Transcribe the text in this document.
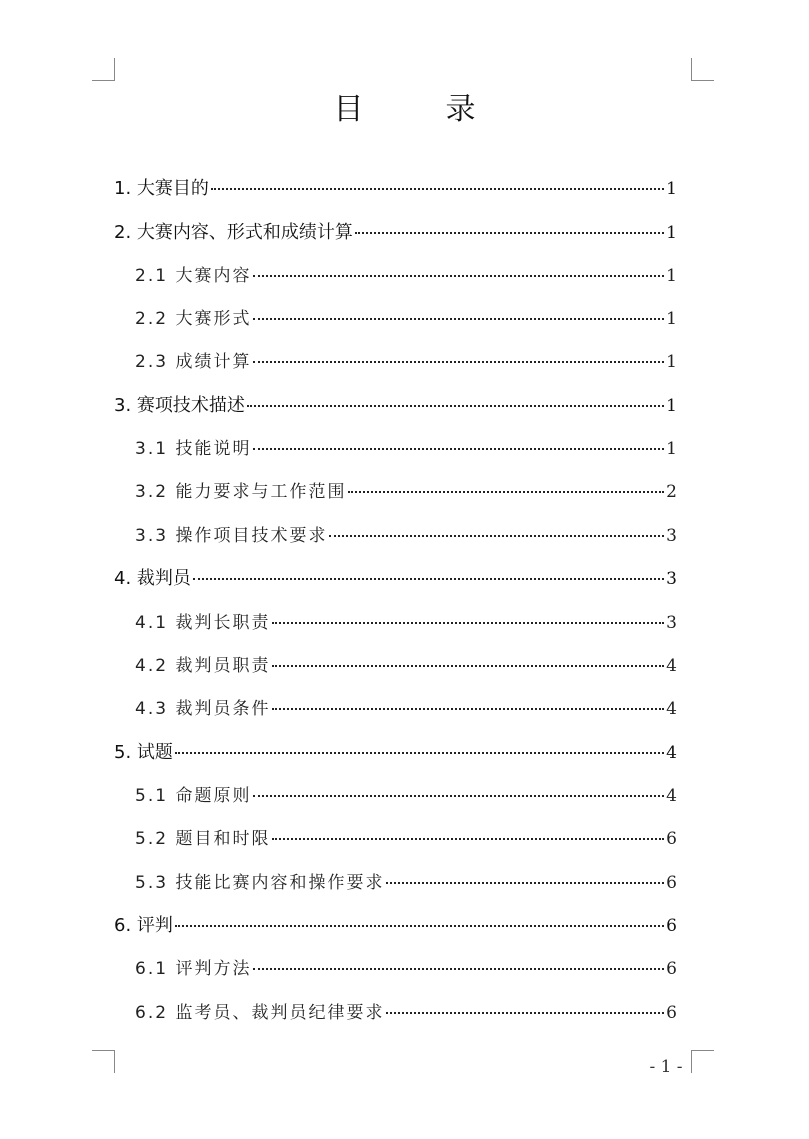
目　录
1. 大赛目的	1
2. 大赛内容、形式和成绩计算	1
2.1 大赛内容	1
2.2 大赛形式	1
2.3 成绩计算	1
3. 赛项技术描述	1
3.1 技能说明	1
3.2 能力要求与工作范围	2
3.3 操作项目技术要求	3
4. 裁判员	3
4.1 裁判长职责	3
4.2 裁判员职责	4
4.3 裁判员条件	4
5. 试题	4
5.1 命题原则	4
5.2 题目和时限	6
5.3 技能比赛内容和操作要求	6
6. 评判	6
6.1 评判方法	6
6.2 监考员、裁判员纪律要求	6
- 1 -
